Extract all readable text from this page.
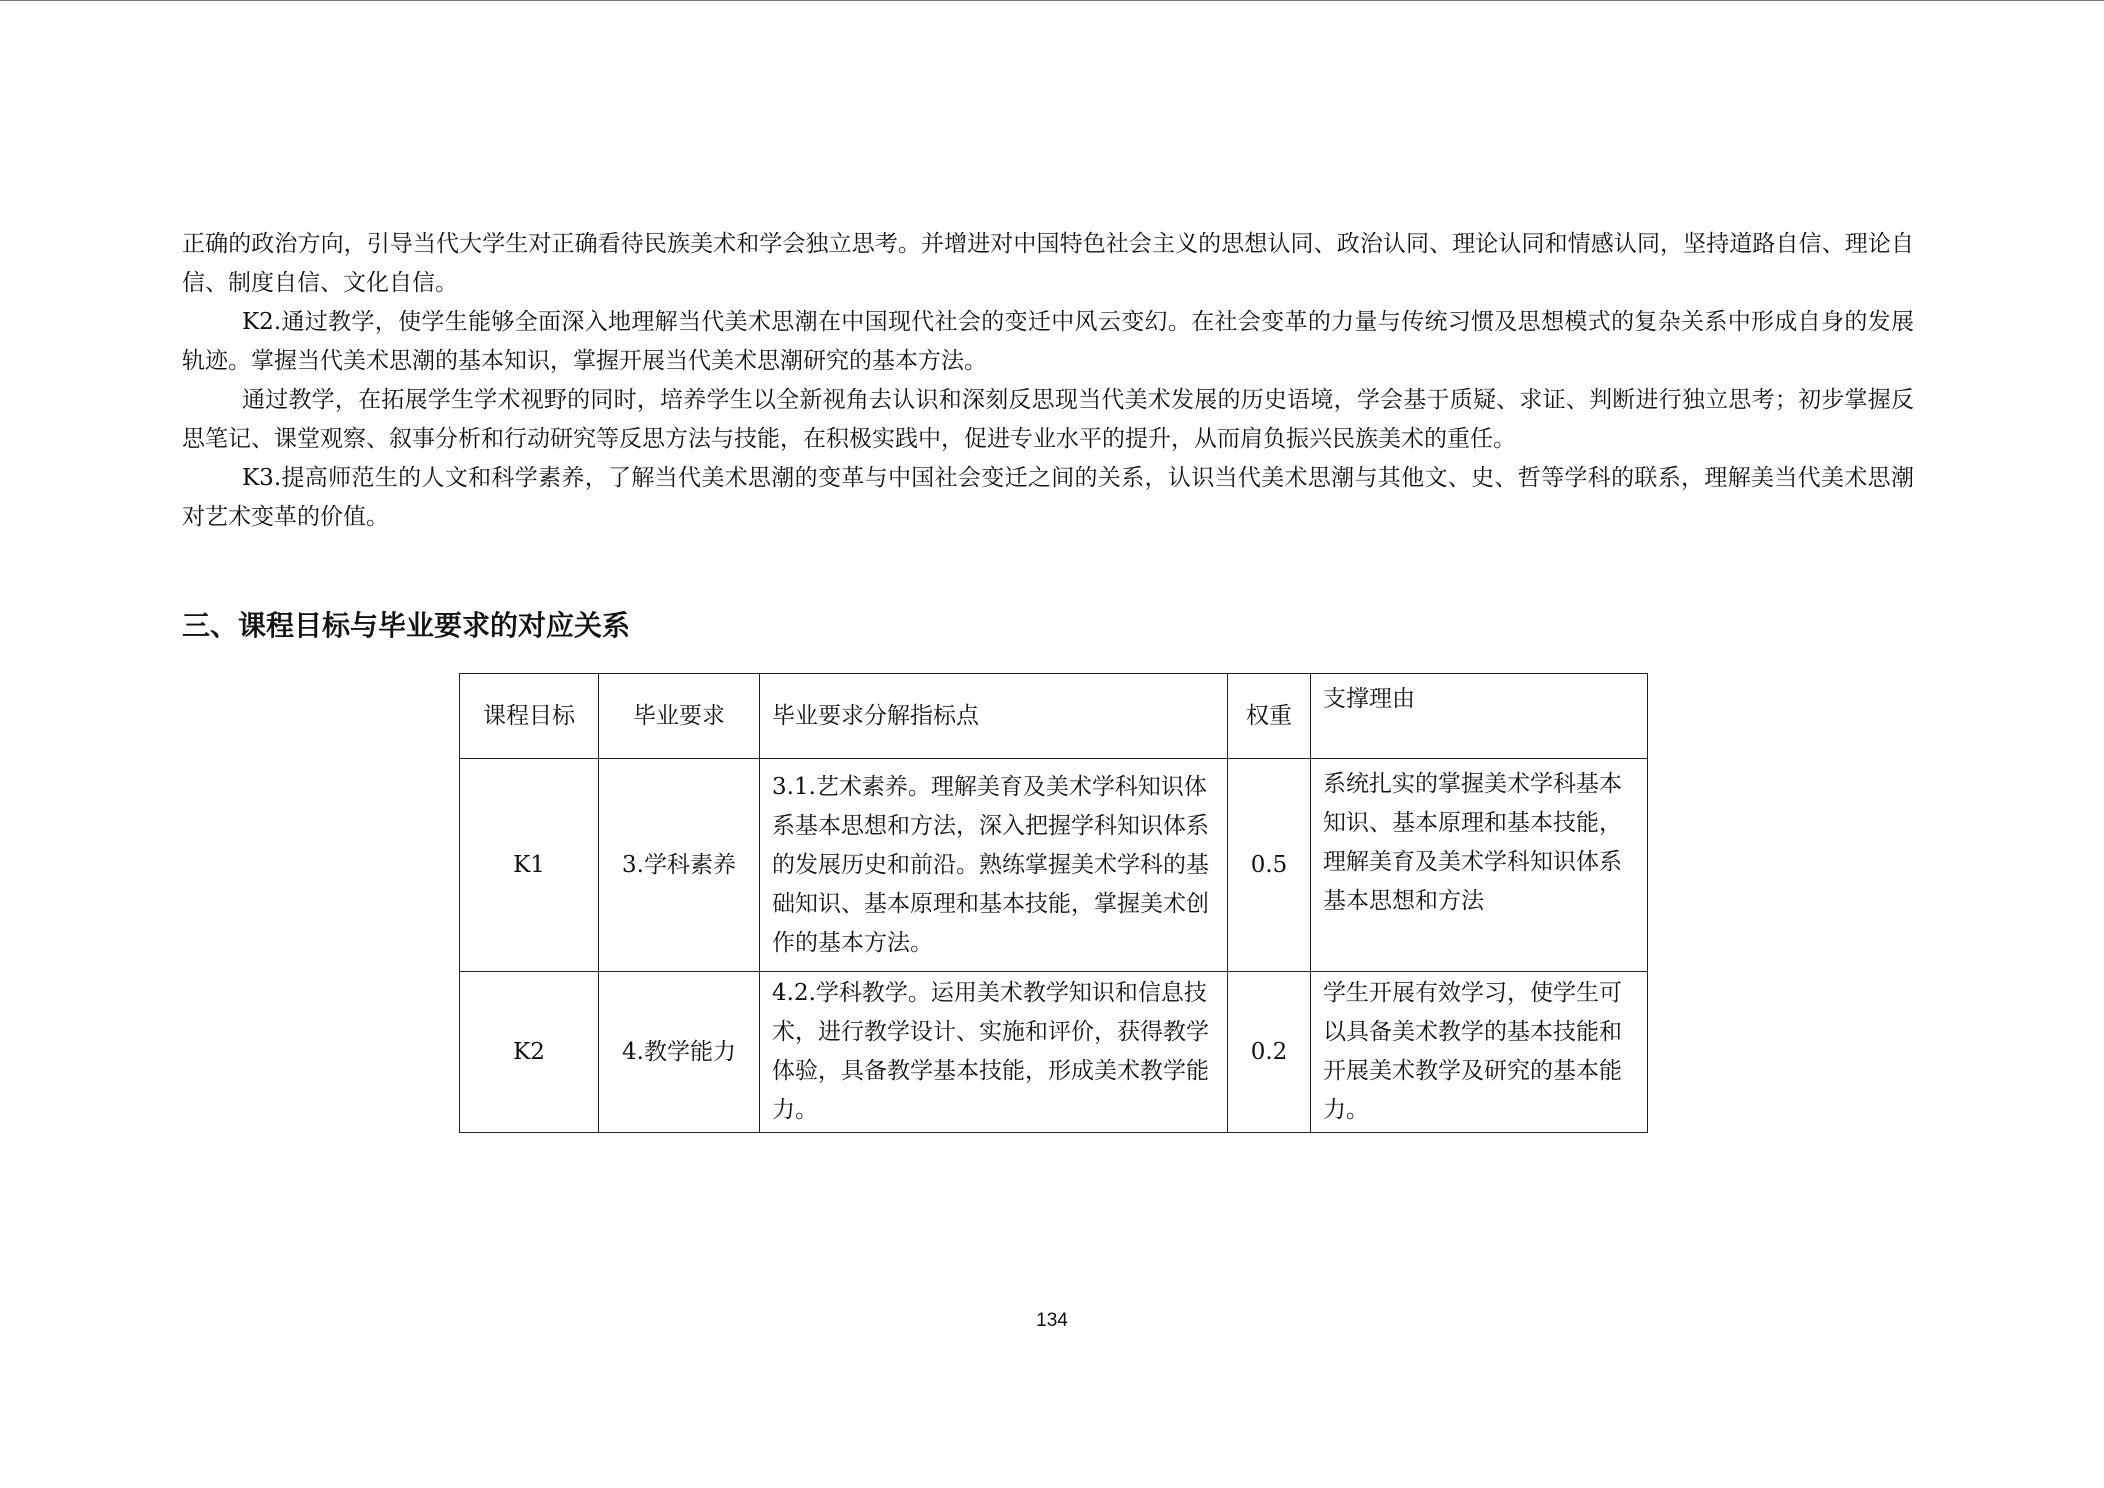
正确的政治方向，引导当代大学生对正确看待民族美术和学会独立思考。并增进对中国特色社会主义的思想认同、政治认同、理论认同和情感认同，坚持道路自信、理论自信、制度自信、文化自信。

K2.通过教学，使学生能够全面深入地理解当代美术思潮在中国现代社会的变迁中风云变幻。在社会变革的力量与传统习惯及思想模式的复杂关系中形成自身的发展轨迹。掌握当代美术思潮的基本知识，掌握开展当代美术思潮研究的基本方法。

通过教学，在拓展学生学术视野的同时，培养学生以全新视角去认识和深刻反思现当代美术发展的历史语境，学会基于质疑、求证、判断进行独立思考；初步掌握反思笔记、课堂观察、叙事分析和行动研究等反思方法与技能，在积极实践中，促进专业水平的提升，从而肩负振兴民族美术的重任。

K3.提高师范生的人文和科学素养，了解当代美术思潮的变革与中国社会变迁之间的关系，认识当代美术思潮与其他文、史、哲等学科的联系，理解美当代美术思潮对艺术变革的价值。

三、课程目标与毕业要求的对应关系
课程目标	毕业要求	毕业要求分解指标点	权重	支撑理由
K1	3.学科素养	3.1.艺术素养。理解美育及美术学科知识体系基本思想和方法，深入把握学科知识体系的发展历史和前沿。熟练掌握美术学科的基础知识、基本原理和基本技能，掌握美术创作的基本方法。	0.5	系统扎实的掌握美术学科基本知识、基本原理和基本技能，理解美育及美术学科知识体系基本思想和方法
K2	4.教学能力	4.2.学科教学。运用美术教学知识和信息技术，进行教学设计、实施和评价，获得教学体验，具备教学基本技能，形成美术教学能力。	0.2	学生开展有效学习，使学生可以具备美术教学的基本技能和开展美术教学及研究的基本能力。
134
